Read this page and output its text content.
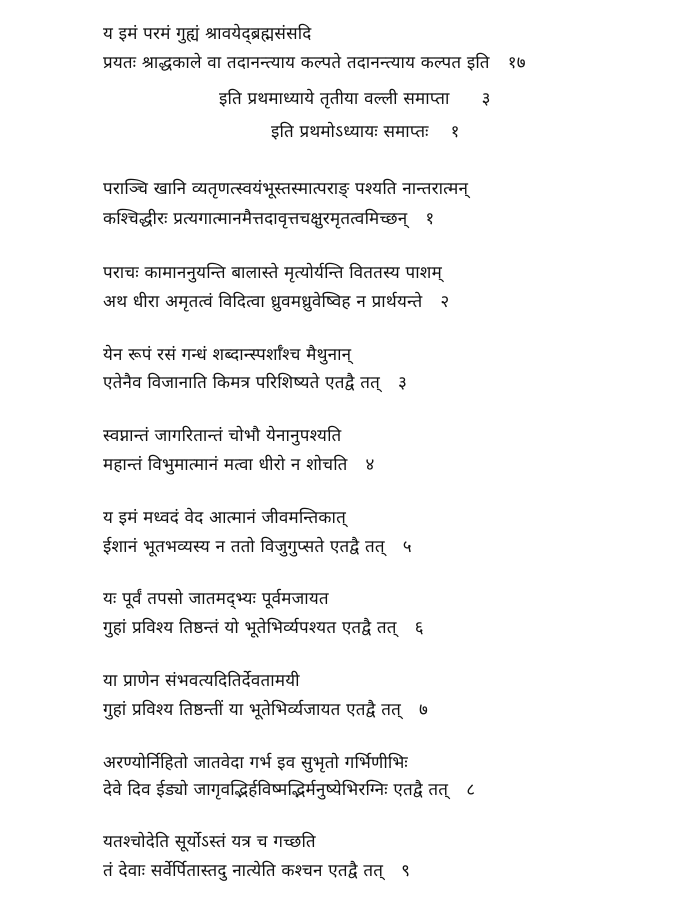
य इमं परमं गुह्यं श्रावयेद्ब्रह्मसंसदि
प्रयतः श्राद्धकाले वा तदानन्त्याय कल्पते तदानन्त्याय कल्पत इति १७
इति प्रथमाध्याये तृतीया वल्ली समाप्ता ३
इति प्रथमोऽध्यायः समाप्तः १
पराञ्चि खानि व्यतृणत्स्वयंभूस्तस्मात्पराङ् पश्यति नान्तरात्मन्
कश्चिद्धीरः प्रत्यगात्मानमैत्तदावृत्तचक्षुरमृतत्वमिच्छन् १
पराचः कामाननुयन्ति बालास्ते मृत्योर्यन्ति विततस्य पाशम्
अथ धीरा अमृतत्वं विदित्वा ध्रुवमध्रुवेष्विह न प्रार्थयन्ते २
येन रूपं रसं गन्धं शब्दान्स्पर्शाँश्च मैथुनान्
एतेनैव विजानाति किमत्र परिशिष्यते एतद्वै तत् ३
स्वप्नान्तं जागरितान्तं चोभौ येनानुपश्यति
महान्तं विभुमात्मानं मत्वा धीरो न शोचति ४
य इमं मध्वदं वेद आत्मानं जीवमन्तिकात्
ईशानं भूतभव्यस्य न ततो विजुगुप्सते एतद्वै तत् ५
यः पूर्वं तपसो जातमद्भ्यः पूर्वमजायत
गुहां प्रविश्य तिष्ठन्तं यो भूतेभिर्व्यपश्यत एतद्वै तत् ६
या प्राणेन संभवत्यदितिर्देवतामयी
गुहां प्रविश्य तिष्ठन्तीं या भूतेभिर्व्यजायत एतद्वै तत् ७
अरण्योर्निहितो जातवेदा गर्भ इव सुभृतो गर्भिणीभिः
देवे दिव ईड्यो जागृवद्भिर्हविष्मद्भिर्मनुष्येभिरग्निः एतद्वै तत् ८
यतश्चोदेति सूर्योऽस्तं यत्र च गच्छति
तं देवाः सर्वेर्पितास्तदु नात्येति कश्चन एतद्वै तत् ९
